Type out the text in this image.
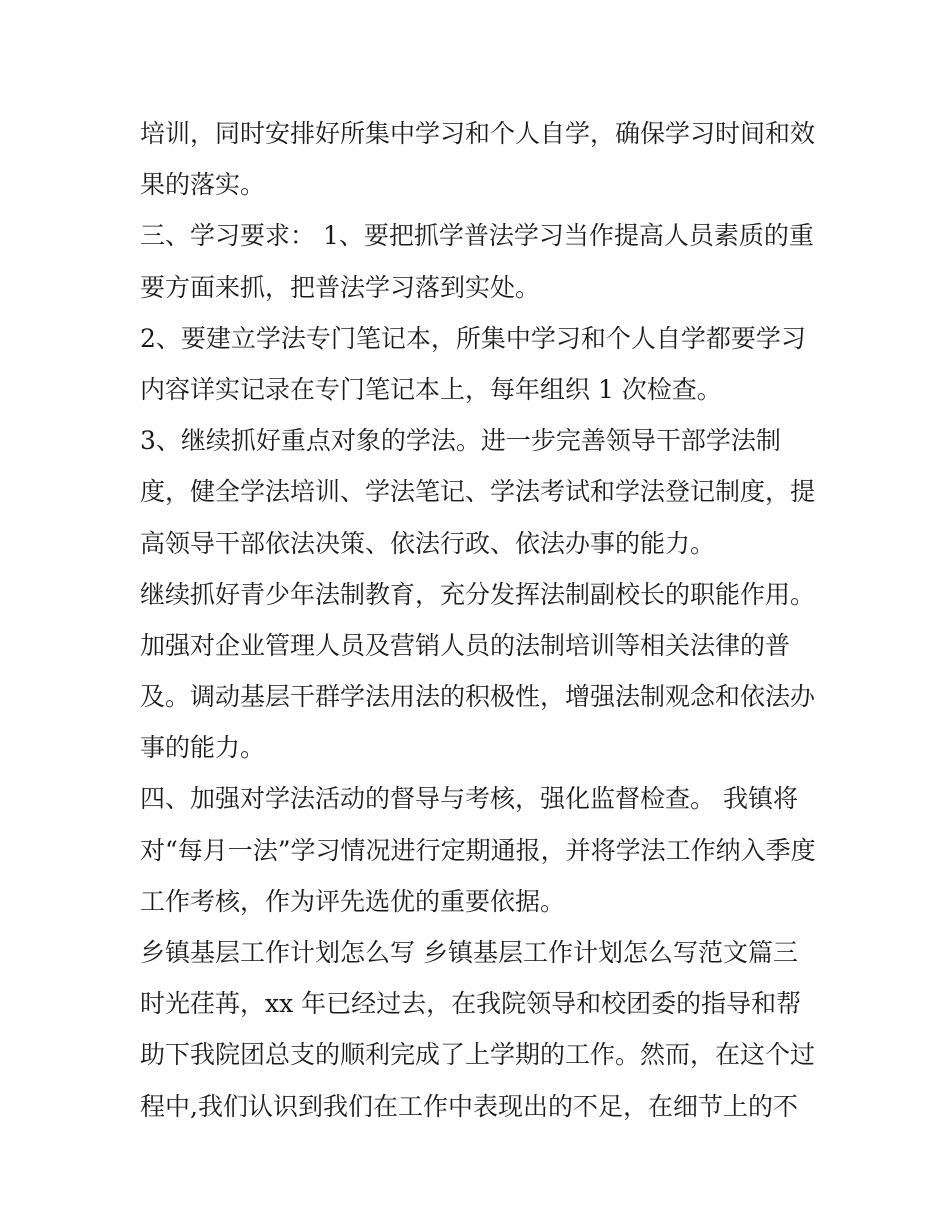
培训，同时安排好所集中学习和个人自学，确保学习时间和效
果的落实。
三、学习要求： 1、要把抓学普法学习当作提高人员素质的重
要方面来抓，把普法学习落到实处。
2、要建立学法专门笔记本，所集中学习和个人自学都要学习
内容详实记录在专门笔记本上，每年组织 1 次检查。
3、继续抓好重点对象的学法。进一步完善领导干部学法制
度，健全学法培训、学法笔记、学法考试和学法登记制度，提
高领导干部依法决策、依法行政、依法办事的能力。
继续抓好青少年法制教育，充分发挥法制副校长的职能作用。
加强对企业管理人员及营销人员的法制培训等相关法律的普
及。调动基层干群学法用法的积极性，增强法制观念和依法办
事的能力。
四、加强对学法活动的督导与考核，强化监督检查。 我镇将
对“每月一法”学习情况进行定期通报，并将学法工作纳入季度
工作考核，作为评先选优的重要依据。
乡镇基层工作计划怎么写 乡镇基层工作计划怎么写范文篇三
时光荏苒，xx 年已经过去，在我院领导和校团委的指导和帮
助下我院团总支的顺利完成了上学期的工作。然而，在这个过
程中,我们认识到我们在工作中表现出的不足，在细节上的不
